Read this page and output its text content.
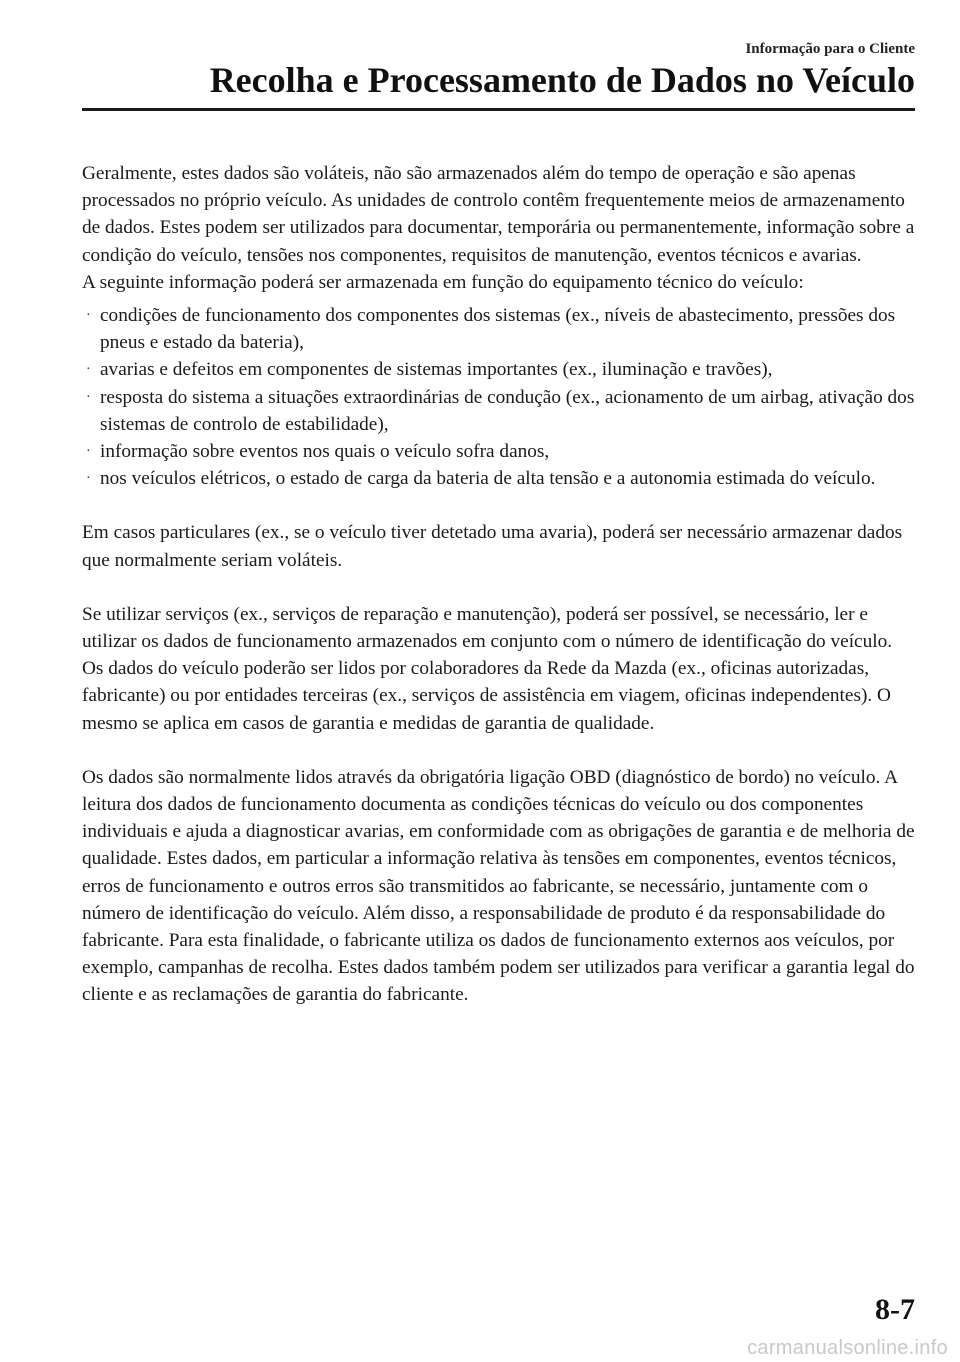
Informação para o Cliente
Recolha e Processamento de Dados no Veículo

Geralmente, estes dados são voláteis, não são armazenados além do tempo de operação e são apenas processados no próprio veículo. As unidades de controlo contêm frequentemente meios de armazenamento de dados. Estes podem ser utilizados para documentar, temporária ou permanentemente, informação sobre a condição do veículo, tensões nos componentes, requisitos de manutenção, eventos técnicos e avarias.

A seguinte informação poderá ser armazenada em função do equipamento técnico do veículo:

· condições de funcionamento dos componentes dos sistemas (ex., níveis de abastecimento, pressões dos pneus e estado da bateria),
· avarias e defeitos em componentes de sistemas importantes (ex., iluminação e travões),
· resposta do sistema a situações extraordinárias de condução (ex., acionamento de um airbag, ativação dos sistemas de controlo de estabilidade),
· informação sobre eventos nos quais o veículo sofra danos,
· nos veículos elétricos, o estado de carga da bateria de alta tensão e a autonomia estimada do veículo.

Em casos particulares (ex., se o veículo tiver detetado uma avaria), poderá ser necessário armazenar dados que normalmente seriam voláteis.

Se utilizar serviços (ex., serviços de reparação e manutenção), poderá ser possível, se necessário, ler e utilizar os dados de funcionamento armazenados em conjunto com o número de identificação do veículo. Os dados do veículo poderão ser lidos por colaboradores da Rede da Mazda (ex., oficinas autorizadas, fabricante) ou por entidades terceiras (ex., serviços de assistência em viagem, oficinas independentes). O mesmo se aplica em casos de garantia e medidas de garantia de qualidade.

Os dados são normalmente lidos através da obrigatória ligação OBD (diagnóstico de bordo) no veículo. A leitura dos dados de funcionamento documenta as condições técnicas do veículo ou dos componentes individuais e ajuda a diagnosticar avarias, em conformidade com as obrigações de garantia e de melhoria de qualidade. Estes dados, em particular a informação relativa às tensões em componentes, eventos técnicos, erros de funcionamento e outros erros são transmitidos ao fabricante, se necessário, juntamente com o número de identificação do veículo. Além disso, a responsabilidade de produto é da responsabilidade do fabricante. Para esta finalidade, o fabricante utiliza os dados de funcionamento externos aos veículos, por exemplo, campanhas de recolha. Estes dados também podem ser utilizados para verificar a garantia legal do cliente e as reclamações de garantia do fabricante.

8-7
carmanualsonline.info
